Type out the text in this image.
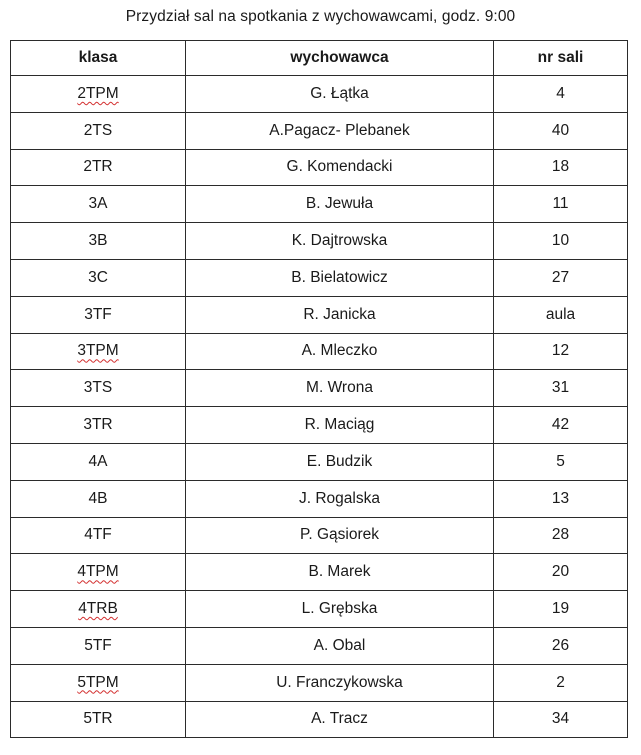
Przydział sal na spotkania z wychowawcami, godz. 9:00
klasa	wychowawca	nr sali
2TPM	G. Łątka	4
2TS	A.Pagacz- Plebanek	40
2TR	G. Komendacki	18
3A	B. Jewuła	11
3B	K. Dajtrowska	10
3C	B. Bielatowicz	27
3TF	R. Janicka	aula
3TPM	A. Mleczko	12
3TS	M. Wrona	31
3TR	R. Maciąg	42
4A	E. Budzik	5
4B	J. Rogalska	13
4TF	P. Gąsiorek	28
4TPM	B. Marek	20
4TRB	L. Grębska	19
5TF	A. Obal	26
5TPM	U. Franczykowska	2
5TR	A. Tracz	34
